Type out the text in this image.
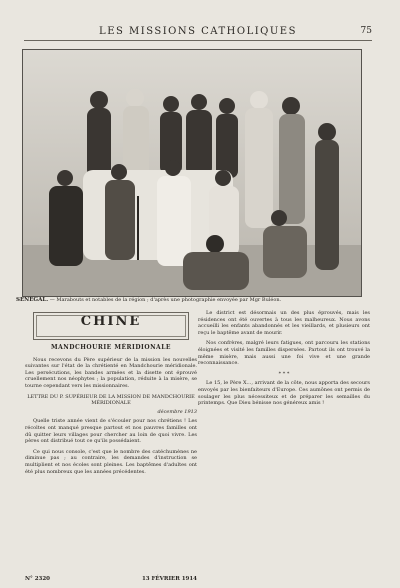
LES MISSIONS CATHOLIQUES	75
SÉNÉGAL. — Marabouts et notables de la région ; d'après une photographie envoyée par Mgr Buléon.
CHINE
MANDCHOURIE MÉRIDIONALE

Nous recevons du Père supérieur de la mission les nouvelles suivantes sur l'état de la chrétienté en Mandchourie méridionale. Les persécutions, les bandes armées et la disette ont éprouvé cruellement nos néophytes ; la population, réduite à la misère, se tourne cependant vers les missionnaires.

LETTRE DU P. SUPÉRIEUR DE LA MISSION DE MANDCHOURIE MÉRIDIONALE
décembre 1913

Quelle triste année vient de s'écouler pour nos chrétiens ! Les récoltes ont manqué presque partout et nos pauvres familles ont dû quitter leurs villages pour chercher au loin de quoi vivre. Les pères ont distribué tout ce qu'ils possédaient.

Ce qui nous console, c'est que le nombre des catéchumènes ne diminue pas ; au contraire, les demandes d'instruction se multiplient et nos écoles sont pleines. Les baptêmes d'adultes ont été plus nombreux que les années précédentes.

Le district est désormais un des plus éprouvés, mais les résidences ont été ouvertes à tous les malheureux. Nous avons accueilli les enfants abandonnés et les vieillards, et plusieurs ont reçu le baptême avant de mourir.

Nos confrères, malgré leurs fatigues, ont parcouru les stations éloignées et visité les familles dispersées. Partout ils ont trouvé la même misère, mais aussi une foi vive et une grande reconnaissance.

* * *

Le 15, le Père X..., arrivant de la côte, nous apporta des secours envoyés par les bienfaiteurs d'Europe. Ces aumônes ont permis de soulager les plus nécessiteux et de préparer les semailles du printemps. Que Dieu bénisse nos généreux amis !

N° 2320	13 FÉVRIER 1914
